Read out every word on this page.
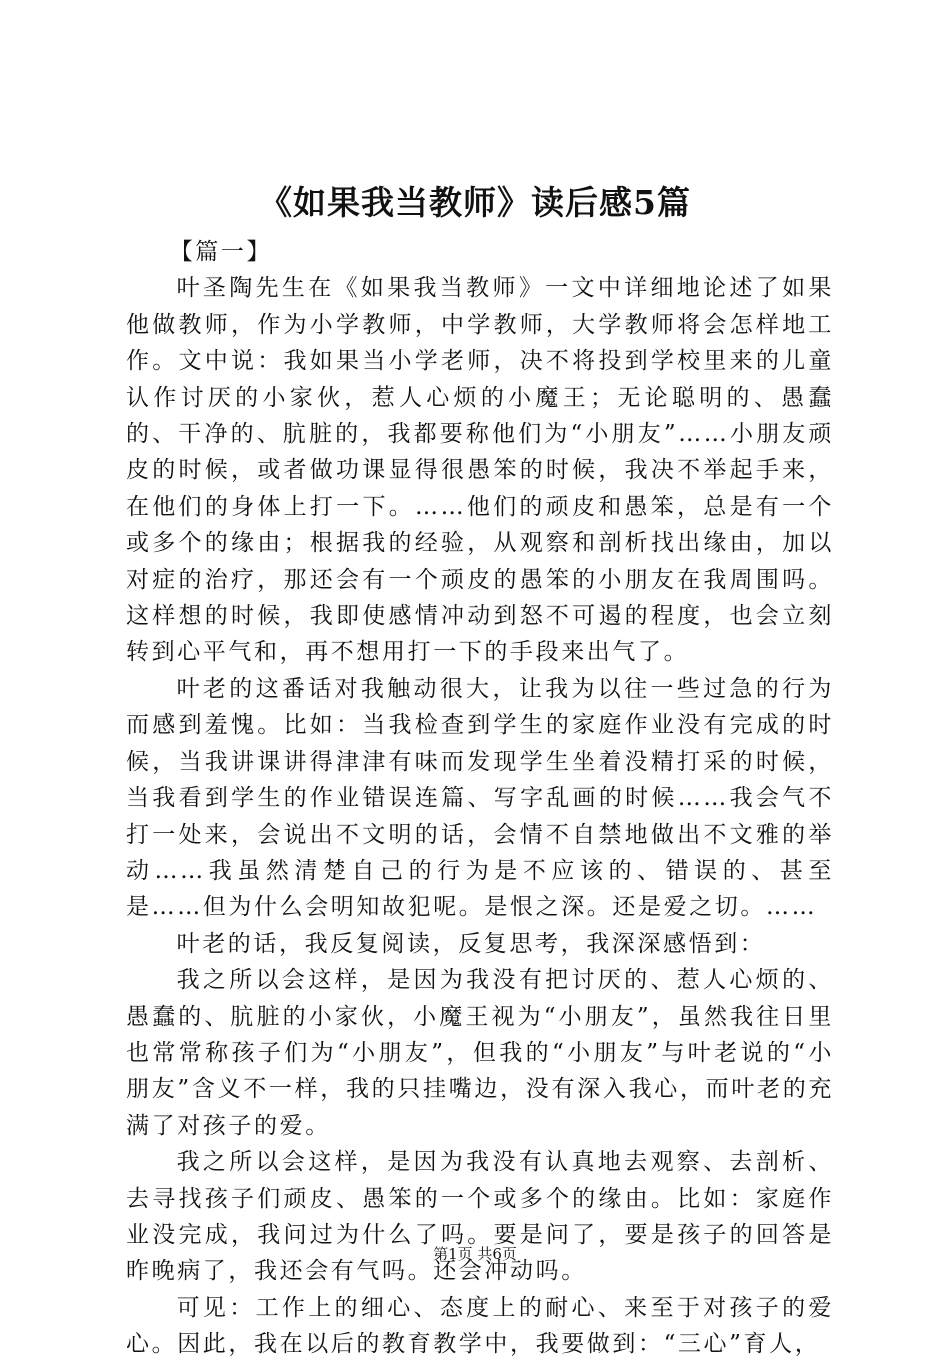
《如果我当教师》读后感5篇

【篇一】

叶圣陶先生在《如果我当教师》一文中详细地论述了如果他做教师，作为小学教师，中学教师，大学教师将会怎样地工作。文中说：我如果当小学老师，决不将投到学校里来的儿童认作讨厌的小家伙，惹人心烦的小魔王；无论聪明的、愚蠢的、干净的、肮脏的，我都要称他们为“小朋友”……小朋友顽皮的时候，或者做功课显得很愚笨的时候，我决不举起手来，在他们的身体上打一下。……他们的顽皮和愚笨，总是有一个或多个的缘由；根据我的经验，从观察和剖析找出缘由，加以对症的治疗，那还会有一个顽皮的愚笨的小朋友在我周围吗。这样想的时候，我即使感情冲动到怒不可遏的程度，也会立刻转到心平气和，再不想用打一下的手段来出气了。

叶老的这番话对我触动很大，让我为以往一些过急的行为而感到羞愧。比如：当我检查到学生的家庭作业没有完成的时候，当我讲课讲得津津有味而发现学生坐着没精打采的时候，当我看到学生的作业错误连篇、写字乱画的时候……我会气不打一处来，会说出不文明的话，会情不自禁地做出不文雅的举动……我虽然清楚自己的行为是不应该的、错误的、甚至是……但为什么会明知故犯呢。是恨之深。还是爱之切。……

叶老的话，我反复阅读，反复思考，我深深感悟到：

我之所以会这样，是因为我没有把讨厌的、惹人心烦的、愚蠢的、肮脏的小家伙，小魔王视为“小朋友”，虽然我往日里也常常称孩子们为“小朋友”，但我的“小朋友”与叶老说的“小朋友”含义不一样，我的只挂嘴边，没有深入我心，而叶老的充满了对孩子的爱。

我之所以会这样，是因为我没有认真地去观察、去剖析、去寻找孩子们顽皮、愚笨的一个或多个的缘由。比如：家庭作业没完成，我问过为什么了吗。要是问了，要是孩子的回答是昨晚病了，我还会有气吗。还会冲动吗。

可见：工作上的细心、态度上的耐心、来至于对孩子的爱心。因此，我在以后的教育教学中，我要做到：“三心”育人，

第1页 共6页
